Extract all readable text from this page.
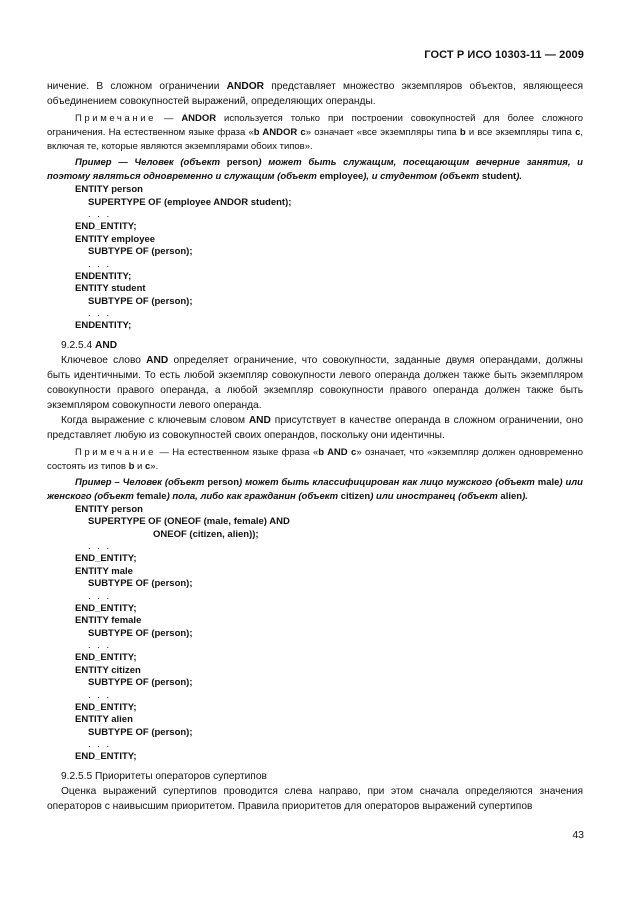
ГОСТ Р ИСО 10303-11 — 2009

ничение. В сложном ограничении ANDOR представляет множество экземпляров объектов, являющееся объединением совокупностей выражений, определяющих операнды.

Примечание — ANDOR используется только при построении совокупностей для более сложного ограничения. На естественном языке фраза «b ANDOR c» означает «все экземпляры типа b и все экземпляры типа c, включая те, которые являются экземплярами обоих типов».

Пример — Человек (объект person) может быть служащим, посещающим вечерние занятия, и поэтому являться одновременно и служащим (объект employee), и студентом (объект student).

ENTITY person
SUPERTYPE OF (employee ANDOR student);
. . .
END_ENTITY;
ENTITY employee
SUBTYPE OF (person);
. . .
ENDENTITY;
ENTITY student
SUBTYPE OF (person);
. . .
ENDENTITY;

9.2.5.4 AND

Ключевое слово AND определяет ограничение, что совокупности, заданные двумя операндами, должны быть идентичными. То есть любой экземпляр совокупности левого операнда должен также быть экземпляром совокупности правого операнда, а любой экземпляр совокупности правого операнда должен также быть экземпляром совокупности левого операнда.

Когда выражение с ключевым словом AND присутствует в качестве операнда в сложном ограничении, оно представляет любую из совокупностей своих операндов, поскольку они идентичны.

Примечание — На естественном языке фраза «b AND c» означает, что «экземпляр должен одновременно состоять из типов b и c».

Пример – Человек (объект person) может быть классифицирован как лицо мужского (объект male) или женского (объект female) пола, либо как гражданин (объект citizen) или иностранец (объект alien).

ENTITY person
SUPERTYPE OF (ONEOF (male, female) AND
ONEOF (citizen, alien));
. . .
END_ENTITY;
ENTITY male
SUBTYPE OF (person);
. . .
END_ENTITY;
ENTITY female
SUBTYPE OF (person);
. . .
END_ENTITY;
ENTITY citizen
SUBTYPE OF (person);
. . .
END_ENTITY;
ENTITY alien
SUBTYPE OF (person);
. . .
END_ENTITY;

9.2.5.5 Приоритеты операторов супертипов

Оценка выражений супертипов проводится слева направо, при этом сначала определяются значения операторов с наивысшим приоритетом. Правила приоритетов для операторов выражений супертипов

43
